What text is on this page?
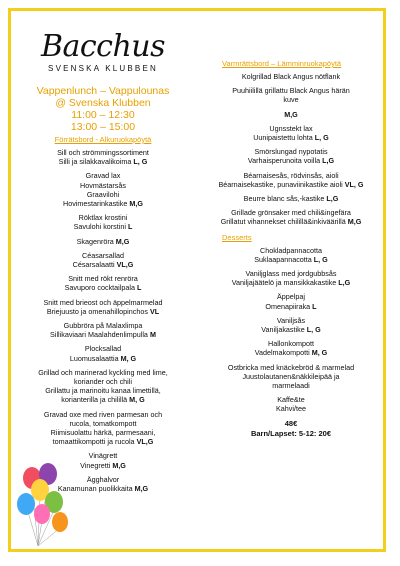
Bacchus
SVENSKA KLUBBEN
Vappenlunch – Vappulounas
@ Svenska Klubben
11:00 – 12:30
13:00 – 15:00
Förrätsbord - Alkuruokapöytä
Sill och strömmingssortiment
Silli ja silakkavalikoima L, G
Gravad lax
Hovmästarsås
Graavilohi
Hovimestarinkastike M,G
Röktlax krostini
Savulohi korstini L
Skagenröra M,G
Céasarsallad
Césarsalaatti VL,G
Snitt med rökt renröra
Savuporo cocktailpala L
Snitt med brieost och äppelmarmelad
Briejuusto ja omenahillopinchos VL
Gubbröra på Malaxlimpa
Sillikaviaari Maalahdenlimpulla M
Plocksallad
Luomusalaattia M, G
Grillad och marinerad kyckling med lime,
koriander och chili
Grillattu ja marinoitu kanaa limettillä,
korianterilla ja chilillä M, G
Gravad oxe med riven parmesan och
rucola, tomatkompott
Riimisuolattu härkä, parmesaani,
tomaattikompotti ja rucola VL,G
Vinägrett
Vinegretti M,G
Ägghalvor
Kanamunan puolikkaita M,G
Varmrättsbord – Lämminruokapöytä
Kolgrillad Black Angus nötflank
Puuhiilillä grillattu Black Angus härän
kuve
M,G
Ugnsstekt lax
Uunipaistettu lohta L, G
Smörslungad nypotatis
Varhaisperunoita voilla L,G
Béarnaisesås, rödvinsås, aioli
Béarnaisekastike, punaviinikastike aioli VL, G
Beurre blanc sås,-kastike L,G
Grillade grönsaker med chili&ingefära
Grillatut vihannekset chilillä&inkiväärillä M,G
Desserts
Chokladpannacotta
Suklaapannacotta L, G
Vaniljglass med jordgubbsås
Vaniljajäätelö ja mansikkakastike L,G
Äppelpaj
Omenapiiraka L
Vaniljsås
Vaniljakastike L, G
Hallonkompott
Vadelmakompotti M, G
Ostbricka med knäckebröd & marmelad
Juustolautanen&näkkileipää ja
marmelaadi
Kaffe&te
Kahvi/tee
48€
Barn/Lapset: 5-12: 20€
